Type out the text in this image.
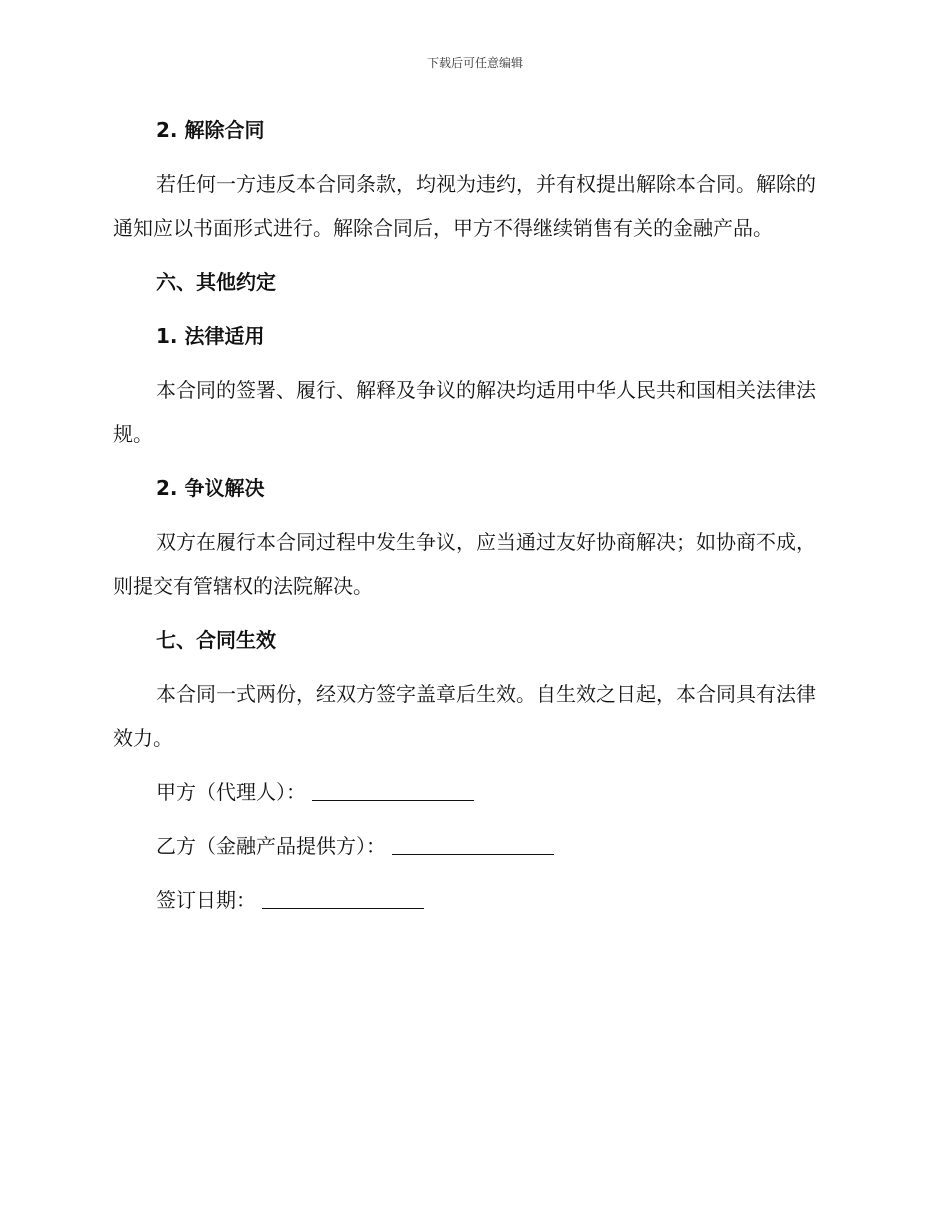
下载后可任意编辑
2. 解除合同

若任何一方违反本合同条款，均视为违约，并有权提出解除本合同。解除的通知应以书面形式进行。解除合同后，甲方不得继续销售有关的金融产品。

六、其他约定
1. 法律适用

本合同的签署、履行、解释及争议的解决均适用中华人民共和国相关法律法规。

2. 争议解决

双方在履行本合同过程中发生争议，应当通过友好协商解决；如协商不成，则提交有管辖权的法院解决。

七、合同生效

本合同一式两份，经双方签字盖章后生效。自生效之日起，本合同具有法律效力。

甲方（代理人）：
乙方（金融产品提供方）：
签订日期：
